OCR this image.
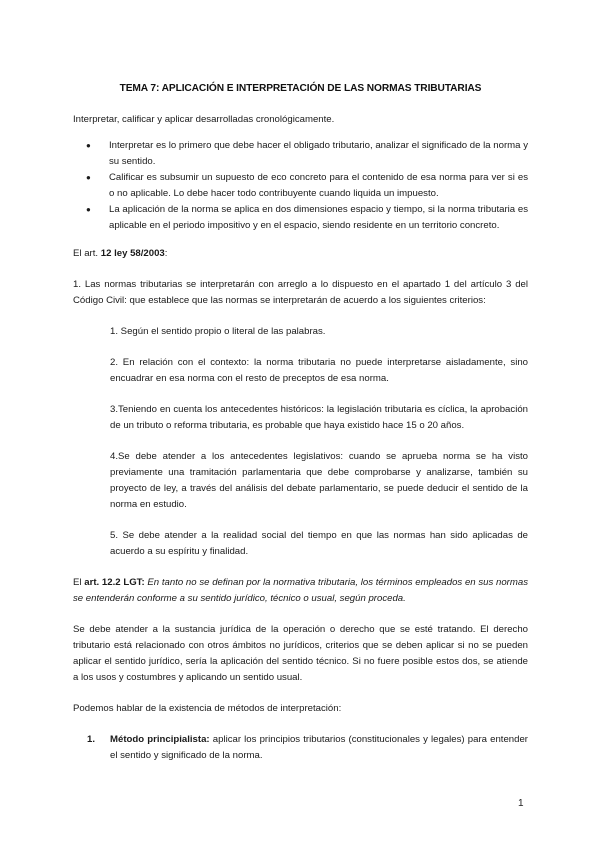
TEMA 7: APLICACIÓN E INTERPRETACIÓN DE LAS NORMAS TRIBUTARIAS

Interpretar, calificar y aplicar desarrolladas cronológicamente.

● Interpretar es lo primero que debe hacer el obligado tributario, analizar el significado de la norma y su sentido.
● Calificar es subsumir un supuesto de eco concreto para el contenido de esa norma para ver si es o no aplicable. Lo debe hacer todo contribuyente cuando liquida un impuesto.
● La aplicación de la norma se aplica en dos dimensiones espacio y tiempo, si la norma tributaria es aplicable en el periodo impositivo y en el espacio, siendo residente en un territorio concreto.

El art. 12 ley 58/2003:

1. Las normas tributarias se interpretarán con arreglo a lo dispuesto en el apartado 1 del artículo 3 del Código Civil: que establece que las normas se interpretarán de acuerdo a los siguientes criterios:

1. Según el sentido propio o literal de las palabras.

2. En relación con el contexto: la norma tributaria no puede interpretarse aisladamente, sino encuadrar en esa norma con el resto de preceptos de esa norma.

3.Teniendo en cuenta los antecedentes históricos: la legislación tributaria es cíclica, la aprobación de un tributo o reforma tributaria, es probable que haya existido hace 15 o 20 años.

4.Se debe atender a los antecedentes legislativos: cuando se aprueba norma se ha visto previamente una tramitación parlamentaria que debe comprobarse y analizarse, también su proyecto de ley, a través del análisis del debate parlamentario, se puede deducir el sentido de la norma en estudio.

5. Se debe atender a la realidad social del tiempo en que las normas han sido aplicadas de acuerdo a su espíritu y finalidad.

El art. 12.2 LGT: En tanto no se definan por la normativa tributaria, los términos empleados en sus normas se entenderán conforme a su sentido jurídico, técnico o usual, según proceda.

Se debe atender a la sustancia jurídica de la operación o derecho que se esté tratando. El derecho tributario está relacionado con otros ámbitos no jurídicos, criterios que se deben aplicar si no se pueden aplicar el sentido jurídico, sería la aplicación del sentido técnico. Si no fuere posible estos dos, se atiende a los usos y costumbres y aplicando un sentido usual.

Podemos hablar de la existencia de métodos de interpretación:

1. Método principialista: aplicar los principios tributarios (constitucionales y legales) para entender el sentido y significado de la norma.
1
